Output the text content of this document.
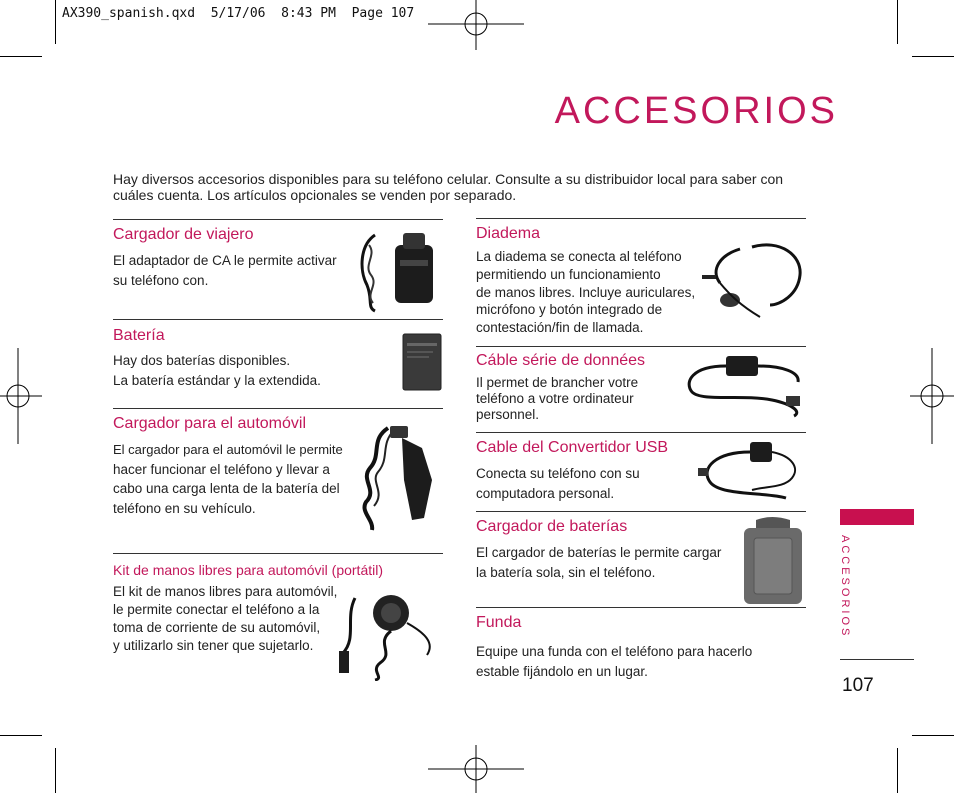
AX390_spanish.qxd  5/17/06  8:43 PM  Page 107
ACCESORIOS
Hay diversos accesorios disponibles para su teléfono celular. Consulte a su distribuidor local para saber con cuáles cuenta. Los artículos opcionales se venden por separado.
Cargador de viajero
El adaptador de CA le permite activar
su teléfono con.
Batería
Hay dos baterías disponibles.
La batería estándar y la extendida.
Cargador para el automóvil
El cargador para el automóvil le permite
hacer funcionar el teléfono y llevar a
cabo una carga lenta de la batería del
teléfono en su vehículo.
Kit de manos libres para automóvil (portátil)
El kit de manos libres para automóvil,
le permite conectar el teléfono a la
toma de corriente de su automóvil,
y utilizarlo sin tener que sujetarlo.
Diadema
La diadema se conecta al teléfono
permitiendo un funcionamiento
de manos libres. Incluye auriculares,
micrófono y botón integrado de
contestación/fin de llamada.
Cáble série de données
Il permet de brancher votre
teléfono a votre ordinateur
personnel.
Cable del Convertidor USB
Conecta su teléfono con su
computadora personal.
Cargador de baterías
El cargador de baterías le permite cargar
la batería sola, sin el teléfono.
Funda
Equipe una funda con el teléfono para hacerlo
estable fijándolo en un lugar.
ACCESORIOS
107
